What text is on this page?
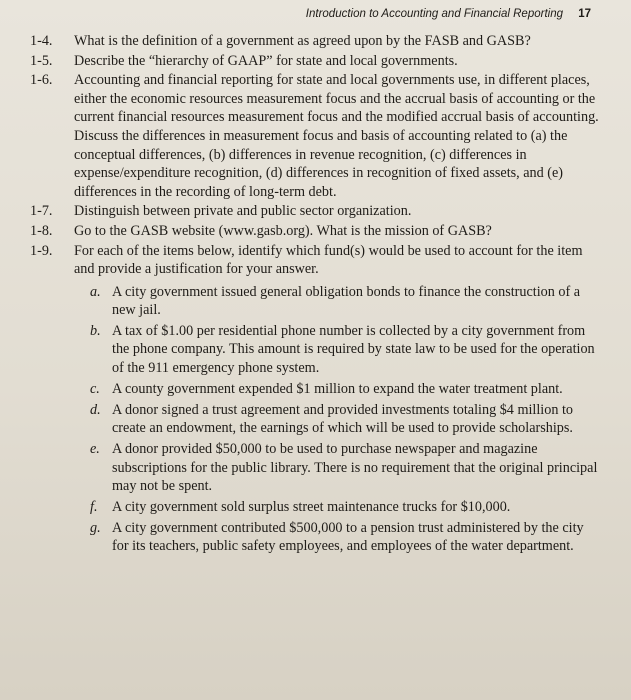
Introduction to Accounting and Financial Reporting 17
1-4.	What is the definition of a government as agreed upon by the FASB and GASB?
1-5.	Describe the “hierarchy of GAAP” for state and local governments.
1-6.	Accounting and financial reporting for state and local governments use, in different places, either the economic resources measurement focus and the accrual basis of accounting or the current financial resources measurement focus and the modified accrual basis of accounting. Discuss the differences in measurement focus and basis of accounting related to (a) the conceptual differences, (b) differences in revenue recognition, (c) differences in expense/expenditure recognition, (d) differences in recognition of fixed assets, and (e) differences in the recording of long-term debt.
1-7.	Distinguish between private and public sector organization.
1-8.	Go to the GASB website (www.gasb.org). What is the mission of GASB?
1-9.	For each of the items below, identify which fund(s) would be used to account for the item and provide a justification for your answer.
a. A city government issued general obligation bonds to finance the construction of a new jail.
b. A tax of $1.00 per residential phone number is collected by a city government from the phone company. This amount is required by state law to be used for the operation of the 911 emergency phone system.
c. A county government expended $1 million to expand the water treatment plant.
d. A donor signed a trust agreement and provided investments totaling $4 million to create an endowment, the earnings of which will be used to provide scholarships.
e. A donor provided $50,000 to be used to purchase newspaper and magazine subscriptions for the public library. There is no requirement that the original principal may not be spent.
f.	A city government sold surplus street maintenance trucks for $10,000.
g. A city government contributed $500,000 to a pension trust administered by the city for its teachers, public safety employees, and employees of the water department.
